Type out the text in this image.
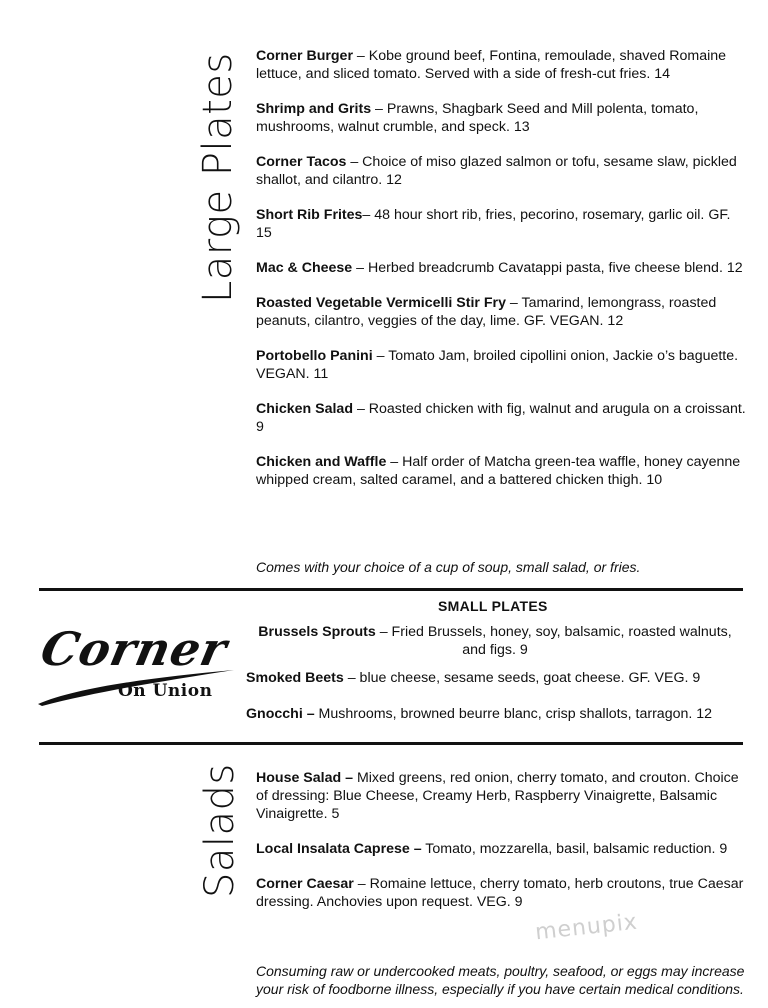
Large Plates Corner Burger – Kobe ground beef, Fontina, remoulade, shaved Romaine lettuce, and sliced tomato. Served with a side of fresh-cut fries. 14

Shrimp and Grits – Prawns, Shagbark Seed and Mill polenta, tomato, mushrooms, walnut crumble, and speck. 13

Corner Tacos – Choice of miso glazed salmon or tofu, sesame slaw, pickled shallot, and cilantro. 12

Short Rib Frites– 48 hour short rib, fries, pecorino, rosemary, garlic oil. GF. 15

Mac & Cheese – Herbed breadcrumb Cavatappi pasta, five cheese blend. 12

Roasted Vegetable Vermicelli Stir Fry – Tamarind, lemongrass, roasted peanuts, cilantro, veggies of the day, lime. GF. VEGAN. 12

Portobello Panini – Tomato Jam, broiled cipollini onion, Jackie o’s baguette. VEGAN. 11

Chicken Salad – Roasted chicken with fig, walnut and arugula on a croissant. 9

Chicken and Waffle – Half order of Matcha green-tea waffle, honey cayenne whipped cream, salted caramel, and a battered chicken thigh. 10

Comes with your choice of a cup of soup, small salad, or fries.
Corner
On Union
SMALL PLATES
Brussels Sprouts – Fried Brussels, honey, soy, balsamic, roasted walnuts, and figs. 9
Smoked Beets – blue cheese, sesame seeds, goat cheese. GF. VEG. 9
Gnocchi – Mushrooms, browned beurre blanc, crisp shallots, tarragon. 12
Salads House Salad – Mixed greens, red onion, cherry tomato, and crouton. Choice of dressing: Blue Cheese, Creamy Herb, Raspberry Vinaigrette, Balsamic Vinaigrette. 5

Local Insalata Caprese – Tomato, mozzarella, basil, balsamic reduction. 9

Corner Caesar – Romaine lettuce, cherry tomato, herb croutons, true Caesar dressing. Anchovies upon request. VEG. 9

menupix
Consuming raw or undercooked meats, poultry, seafood, or eggs may increase your risk of foodborne illness, especially if you have certain medical conditions.
